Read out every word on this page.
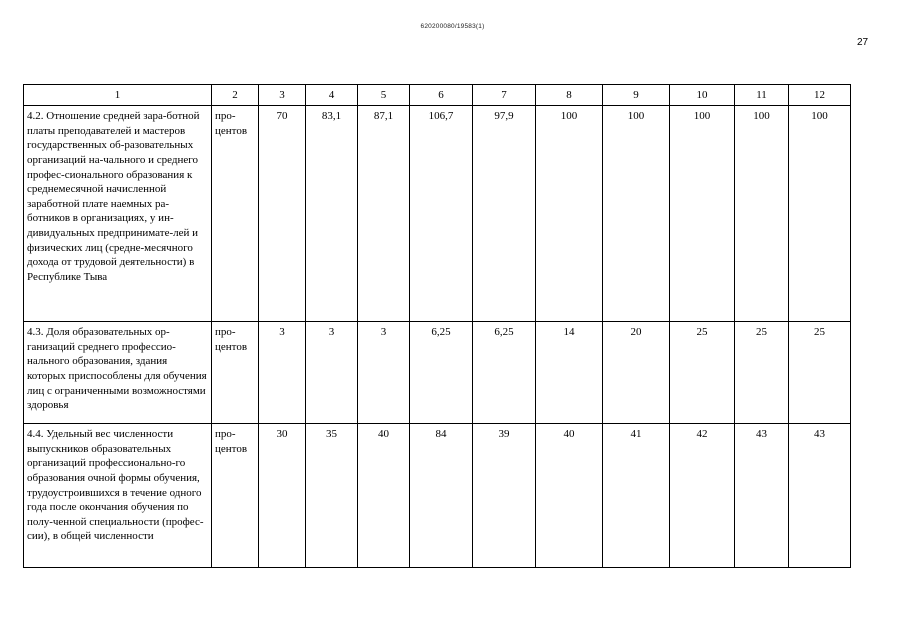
620200080/19583(1)
27
1	2	3	4	5	6	7	8	9	10	11	12
4.2. Отношение средней зара-ботной платы преподавателей и мастеров государственных об-разовательных организаций на-чального и среднего профес-сионального образования к среднемесячной начисленной заработной плате наемных ра-ботников в организациях, у ин-дивидуальных предпринимате-лей и физических лиц (средне-месячного дохода от трудовой деятельности) в Республике Тыва	про-центов	70	83,1	87,1	106,7	97,9	100	100	100	100	100
4.3. Доля образовательных ор-ганизаций среднего профессио-нального образования, здания которых приспособлены для обучения лиц с ограниченными возможностями здоровья	про-центов	3	3	3	6,25	6,25	14	20	25	25	25
4.4. Удельный вес численности выпускников образовательных организаций профессионально-го образования очной формы обучения, трудоустроившихся в течение одного года после окончания обучения по полу-ченной специальности (профес-сии), в общей численности	про-центов	30	35	40	84	39	40	41	42	43	43
